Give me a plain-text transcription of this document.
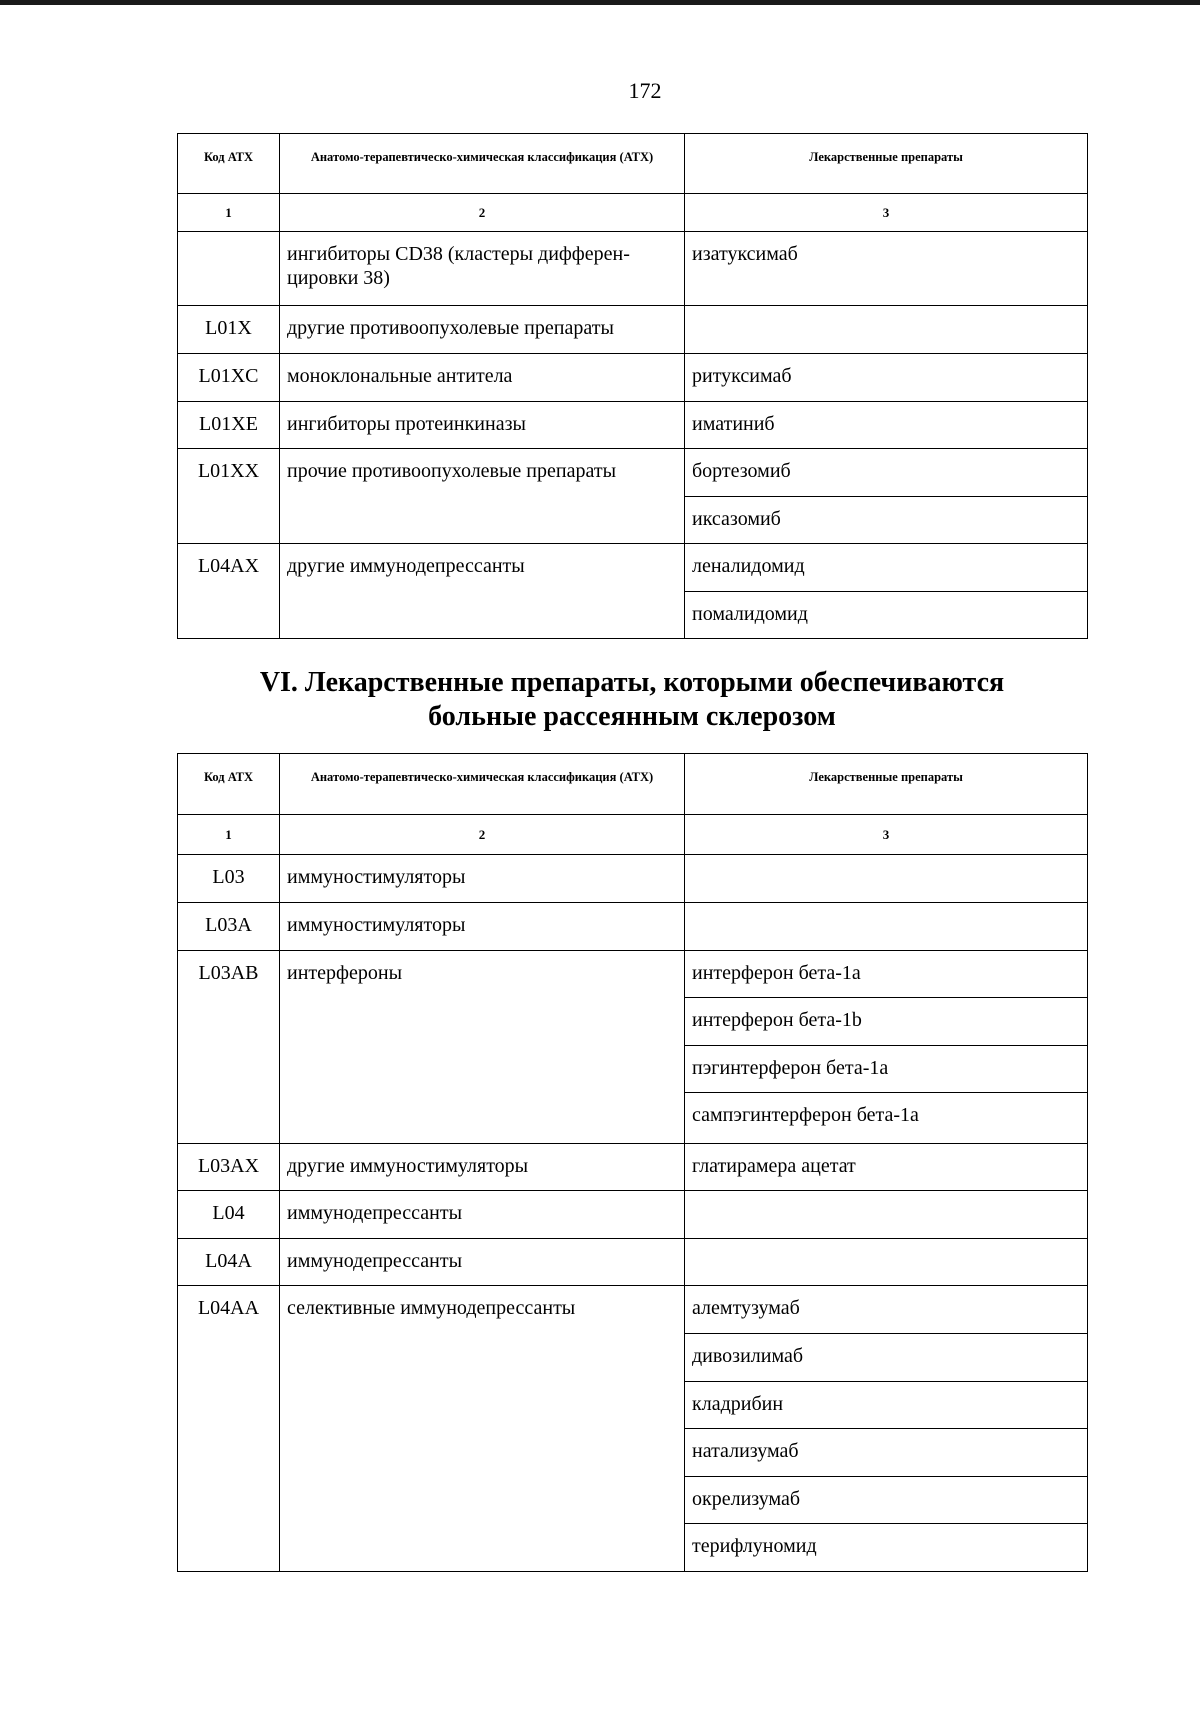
172
Код АТХ	Анатомо-терапевтическо-химическая классификация (АТХ)	Лекарственные препараты
1	2	3
	ингибиторы CD38 (кластеры дифферен-цировки 38)	изатуксимаб
L01X	другие противоопухолевые препараты	
L01XC	моноклональные антитела	ритуксимаб
L01XE	ингибиторы протеинкиназы	иматиниб
L01XX	прочие противоопухолевые препараты	бортезомиб
		иксазомиб
L04AX	другие иммунодепрессанты	леналидомид
		помалидомид
VI. Лекарственные препараты, которыми обеспечиваются
больные рассеянным склерозом
Код АТХ	Анатомо-терапевтическо-химическая классификация (АТХ)	Лекарственные препараты
1	2	3
L03	иммуностимуляторы	
L03A	иммуностимуляторы	
L03AB	интерфероны	интерферон бета-1a
		интерферон бета-1b
		пэгинтерферон бета-1a
		сампэгинтерферон бета-1a
L03AX	другие иммуностимуляторы	глатирамера ацетат
L04	иммунодепрессанты	
L04A	иммунодепрессанты	
L04AA	селективные иммунодепрессанты	алемтузумаб
		дивозилимаб
		кладрибин
		натализумаб
		окрелизумаб
		терифлуномид
